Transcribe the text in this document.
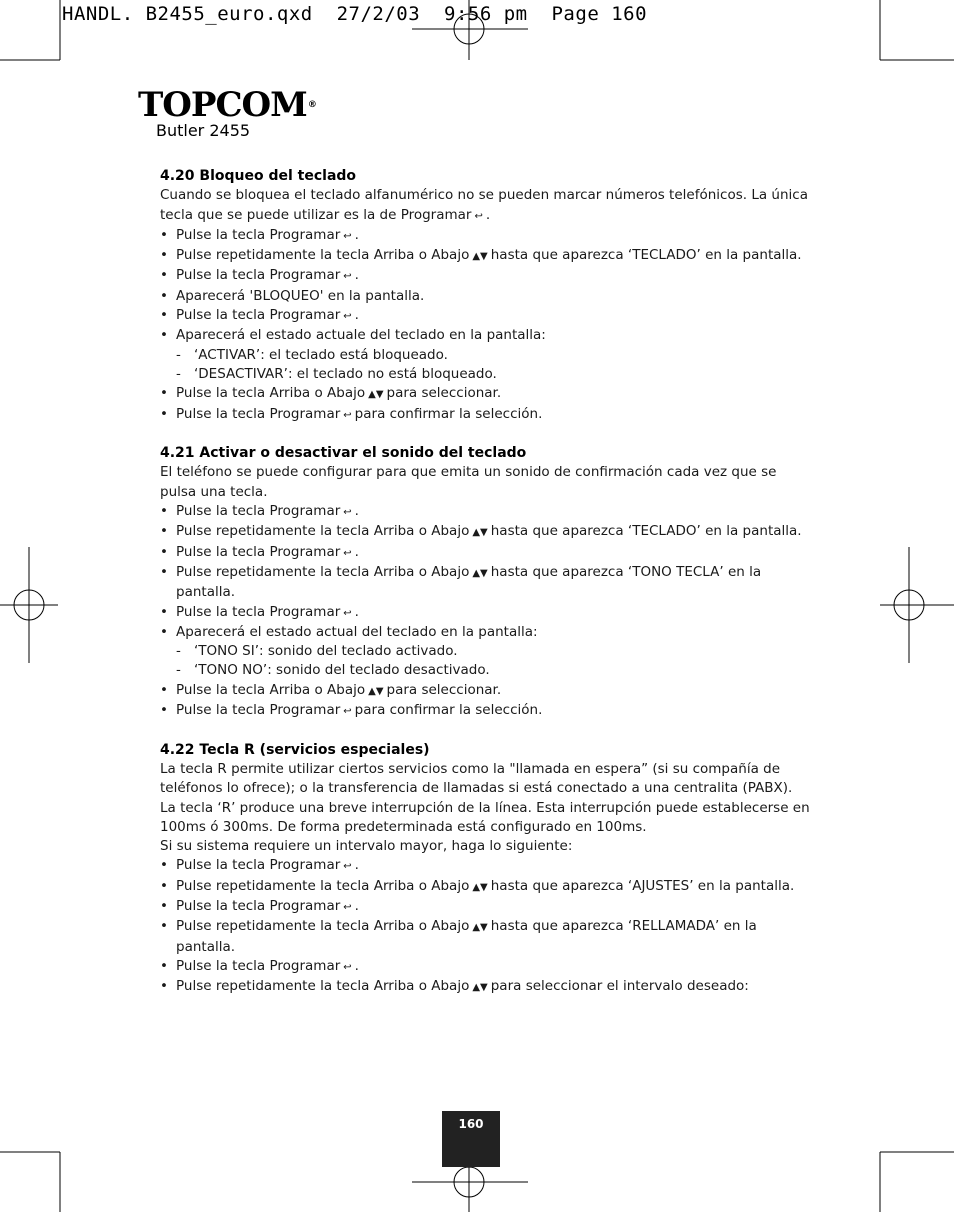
HANDL. B2455_euro.qxd  27/2/03  9:56 pm  Page 160
TOPCOM®
Butler 2455
4.20 Bloqueo del teclado

Cuando se bloquea el teclado alfanumérico no se pueden marcar números telefónicos. La única tecla que se puede utilizar es la de Programar ↩ .

• Pulse la tecla Programar ↩ .
• Pulse repetidamente la tecla Arriba o Abajo ▲▼ hasta que aparezca ‘TECLADO’ en la pantalla.
• Pulse la tecla Programar ↩ .
• Aparecerá 'BLOQUEO' en la pantalla.
• Pulse la tecla Programar ↩ .
• Aparecerá el estado actuale del teclado en la pantalla:
- ‘ACTIVAR’: el teclado está bloqueado.
- ‘DESACTIVAR’: el teclado no está bloqueado.
• Pulse la tecla Arriba o Abajo ▲▼ para seleccionar.
• Pulse la tecla Programar ↩ para confirmar la selección.
4.21 Activar o desactivar el sonido del teclado

El teléfono se puede configurar para que emita un sonido de confirmación cada vez que se pulsa una tecla.

• Pulse la tecla Programar ↩ .
• Pulse repetidamente la tecla Arriba o Abajo ▲▼ hasta que aparezca ‘TECLADO’ en la pantalla.
• Pulse la tecla Programar ↩ .
• Pulse repetidamente la tecla Arriba o Abajo ▲▼ hasta que aparezca ‘TONO TECLA’ en la pantalla.
• Pulse la tecla Programar ↩ .
• Aparecerá el estado actual del teclado en la pantalla:
- ‘TONO SI’: sonido del teclado activado.
- ‘TONO NO’: sonido del teclado desactivado.
• Pulse la tecla Arriba o Abajo ▲▼ para seleccionar.
• Pulse la tecla Programar ↩ para confirmar la selección.
4.22 Tecla R (servicios especiales)

La tecla R permite utilizar ciertos servicios como la "llamada en espera” (si su compañía de teléfonos lo ofrece); o la transferencia de llamadas si está conectado a una centralita (PABX). La tecla ‘R’ produce una breve interrupción de la línea. Esta interrupción puede establecerse en 100ms ó 300ms. De forma predeterminada está configurado en 100ms.

Si su sistema requiere un intervalo mayor, haga lo siguiente:

• Pulse la tecla Programar ↩ .
• Pulse repetidamente la tecla Arriba o Abajo ▲▼ hasta que aparezca ‘AJUSTES’ en la pantalla.
• Pulse la tecla Programar ↩ .
• Pulse repetidamente la tecla Arriba o Abajo ▲▼ hasta que aparezca ‘RELLAMADA’ en la pantalla.
• Pulse la tecla Programar ↩ .
• Pulse repetidamente la tecla Arriba o Abajo ▲▼ para seleccionar el intervalo deseado:
160
